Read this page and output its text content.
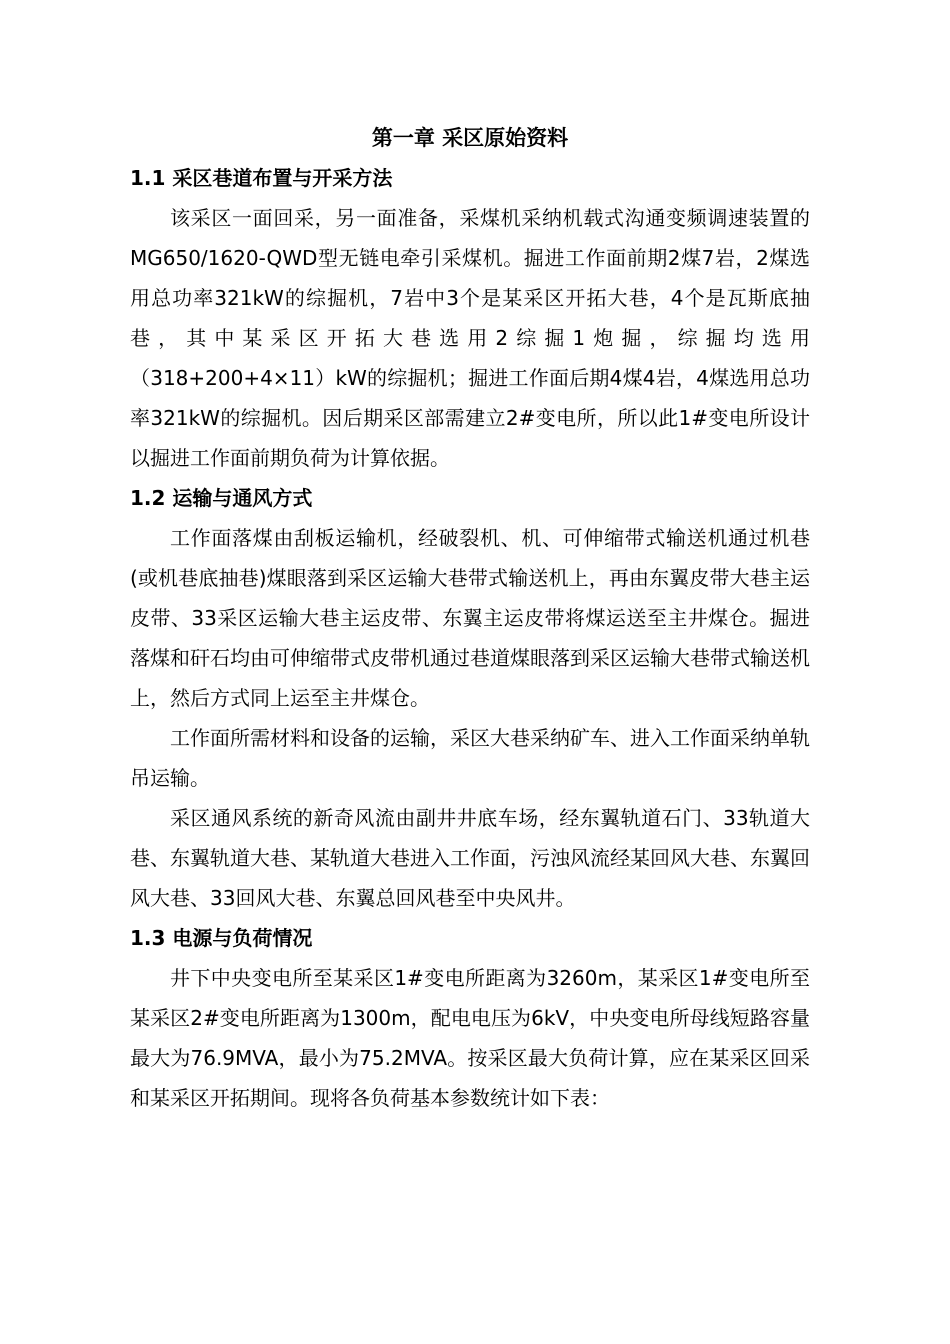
第一章 采区原始资料
1.1 采区巷道布置与开采方法

该采区一面回采，另一面准备，采煤机采纳机载式沟通变频调速装置的MG650/1620-QWD型无链电牵引采煤机。掘进工作面前期2煤7岩，2煤选用总功率321kW的综掘机，7岩中3个是某采区开拓大巷，4个是瓦斯底抽巷，其中某采区开拓大巷选用2综掘1炮掘，综掘均选用（318+200+4×11）kW的综掘机；掘进工作面后期4煤4岩，4煤选用总功率321kW的综掘机。因后期采区部需建立2#变电所，所以此1#变电所设计以掘进工作面前期负荷为计算依据。

1.2 运输与通风方式

工作面落煤由刮板运输机，经破裂机、机、可伸缩带式输送机通过机巷(或机巷底抽巷)煤眼落到采区运输大巷带式输送机上，再由东翼皮带大巷主运皮带、33采区运输大巷主运皮带、东翼主运皮带将煤运送至主井煤仓。掘进落煤和矸石均由可伸缩带式皮带机通过巷道煤眼落到采区运输大巷带式输送机上，然后方式同上运至主井煤仓。

工作面所需材料和设备的运输，采区大巷采纳矿车、进入工作面采纳单轨吊运输。

采区通风系统的新奇风流由副井井底车场，经东翼轨道石门、33轨道大巷、东翼轨道大巷、某轨道大巷进入工作面，污浊风流经某回风大巷、东翼回风大巷、33回风大巷、东翼总回风巷至中央风井。

1.3 电源与负荷情况

井下中央变电所至某采区1#变电所距离为3260m，某采区1#变电所至某采区2#变电所距离为1300m，配电电压为6kV，中央变电所母线短路容量最大为76.9MVA，最小为75.2MVA。按采区最大负荷计算，应在某采区回采和某采区开拓期间。现将各负荷基本参数统计如下表：
